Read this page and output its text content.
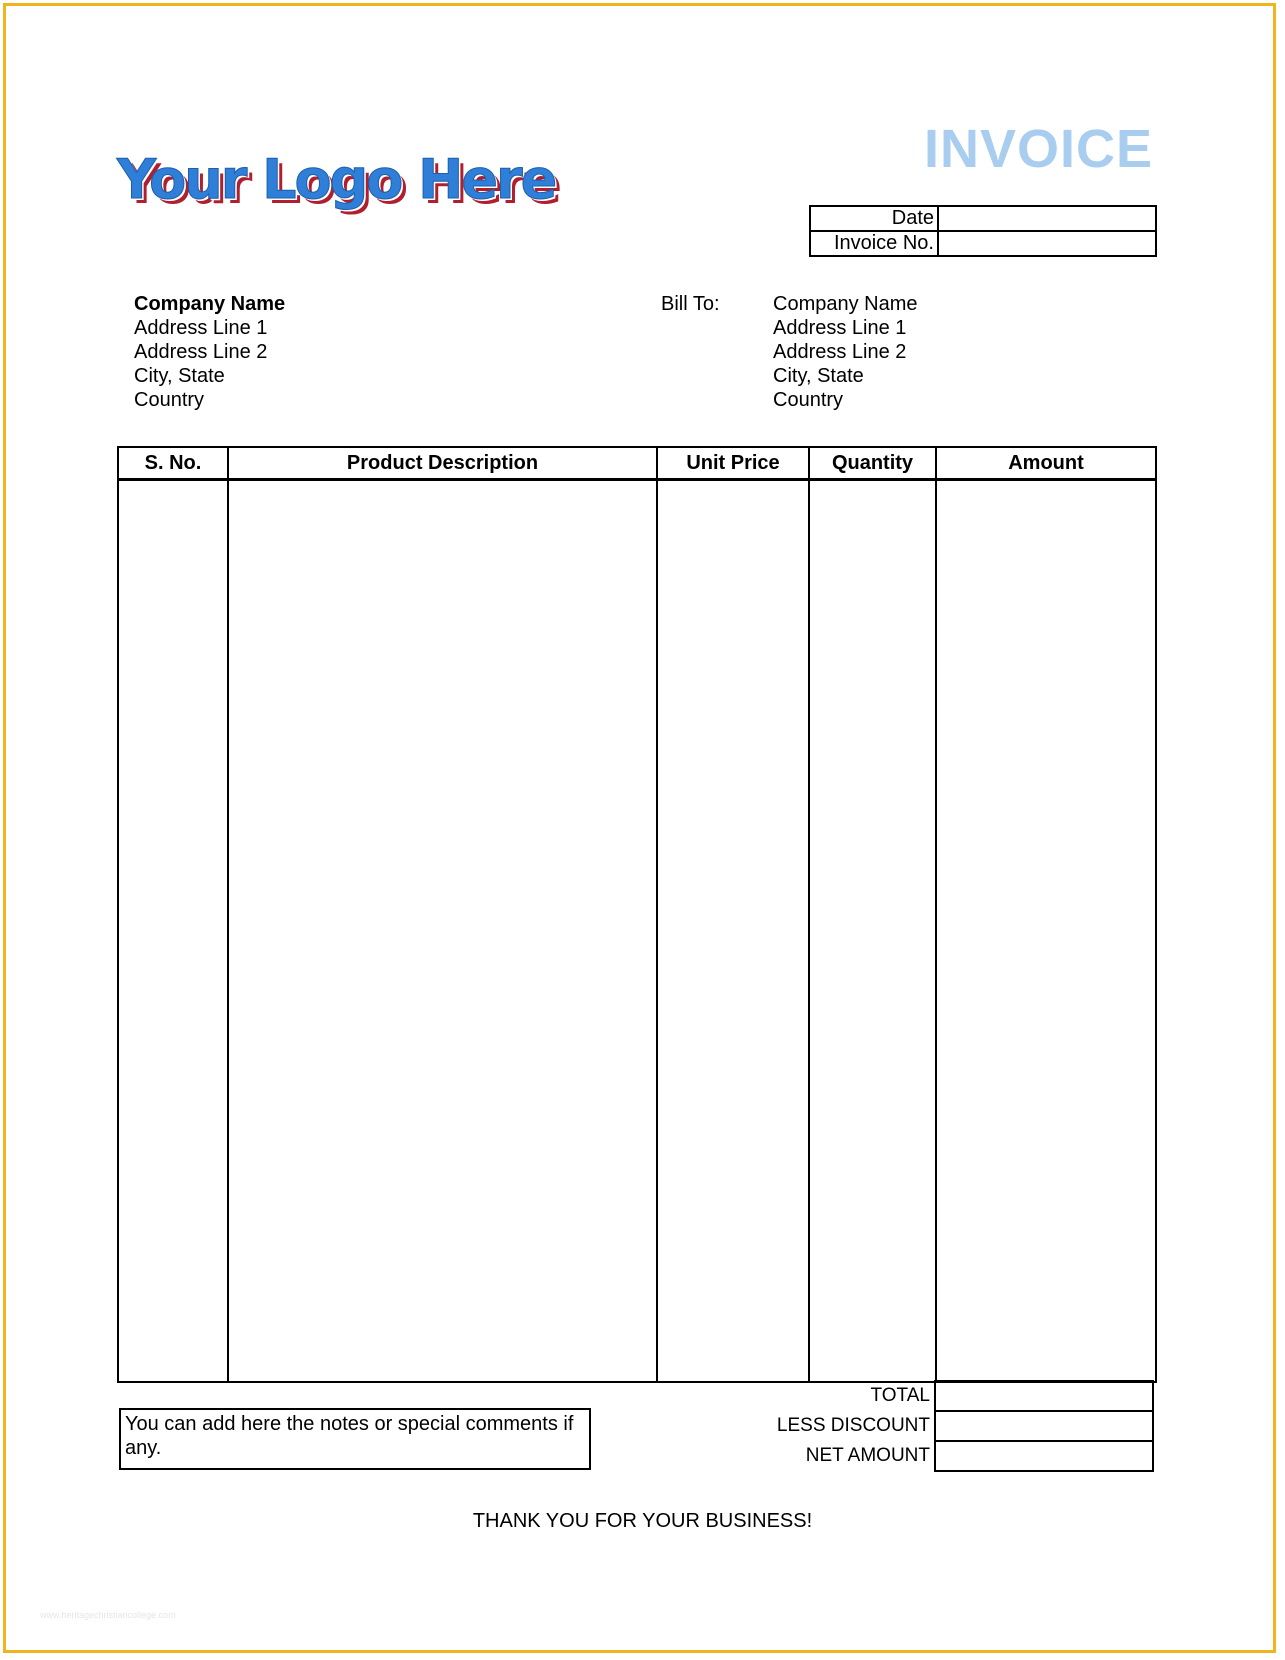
Your Logo Here	INVOICE
Date	
Invoice No.	
Company Name
Address Line 1
Address Line 2
City, State
Country
Bill To:	Company Name
Address Line 1
Address Line 2
City, State
Country
S. No.	Product Description	Unit Price	Quantity	Amount

TOTAL	
LESS DISCOUNT	
NET AMOUNT	
You can add here the notes or special comments if any.
THANK YOU FOR YOUR BUSINESS!
www.heritagechristiancollege.com
